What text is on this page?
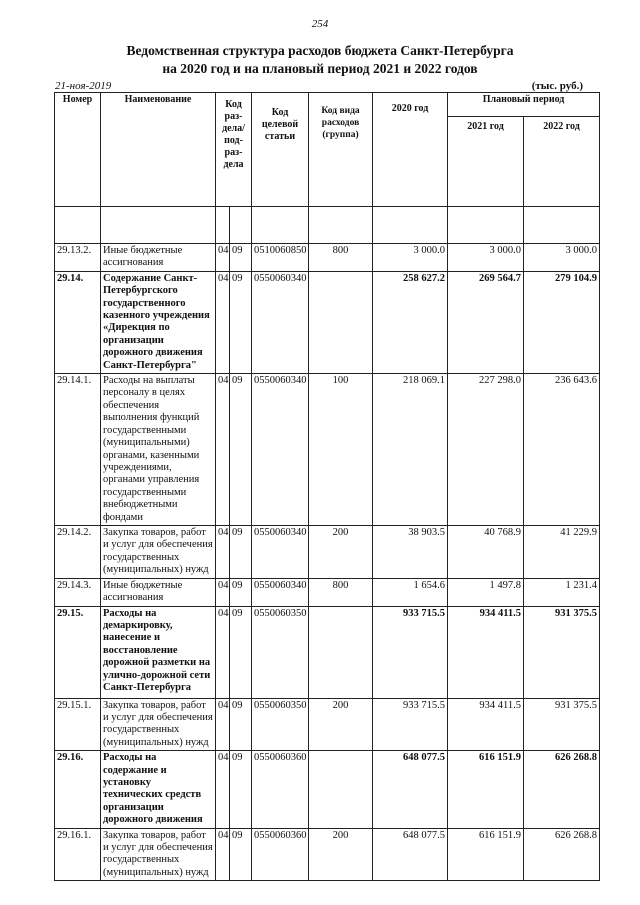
254
Ведомственная структура расходов бюджета Санкт-Петербурга
на 2020 год и на плановый период 2021 и 2022 годов
21-ноя-2019	(тыс. руб.)
Номер	Наименование	Код раз-дела/ под-раз-дела		Код целевой статьи	Код вида расходов (группа)	2020 год	Плановый период	
							2021 год	2022 год

29.13.2.	Иные бюджетные ассигнования	04	09	0510060850	800	3 000.0	3 000.0	3 000.0
29.14.	Содержание Санкт-Петербургского государственного казенного учреждения «Дирекция по организации дорожного движения Санкт-Петербурга"	04	09	0550060340		258 627.2	269 564.7	279 104.9
29.14.1.	Расходы на выплаты персоналу в целях обеспечения выполнения функций государственными (муниципальными) органами, казенными учреждениями, органами управления государственными внебюджетными фондами	04	09	0550060340	100	218 069.1	227 298.0	236 643.6
29.14.2.	Закупка товаров, работ и услуг для обеспечения государственных (муниципальных) нужд	04	09	0550060340	200	38 903.5	40 768.9	41 229.9
29.14.3.	Иные бюджетные ассигнования	04	09	0550060340	800	1 654.6	1 497.8	1 231.4
29.15.	Расходы на демаркировку, нанесение и восстановление дорожной разметки на улично-дорожной сети Санкт-Петербурга	04	09	0550060350		933 715.5	934 411.5	931 375.5
29.15.1.	Закупка товаров, работ и услуг для обеспечения государственных (муниципальных) нужд	04	09	0550060350	200	933 715.5	934 411.5	931 375.5
29.16.	Расходы на содержание и установку технических средств организации дорожного движения	04	09	0550060360		648 077.5	616 151.9	626 268.8
29.16.1.	Закупка товаров, работ и услуг для обеспечения государственных (муниципальных) нужд	04	09	0550060360	200	648 077.5	616 151.9	626 268.8
